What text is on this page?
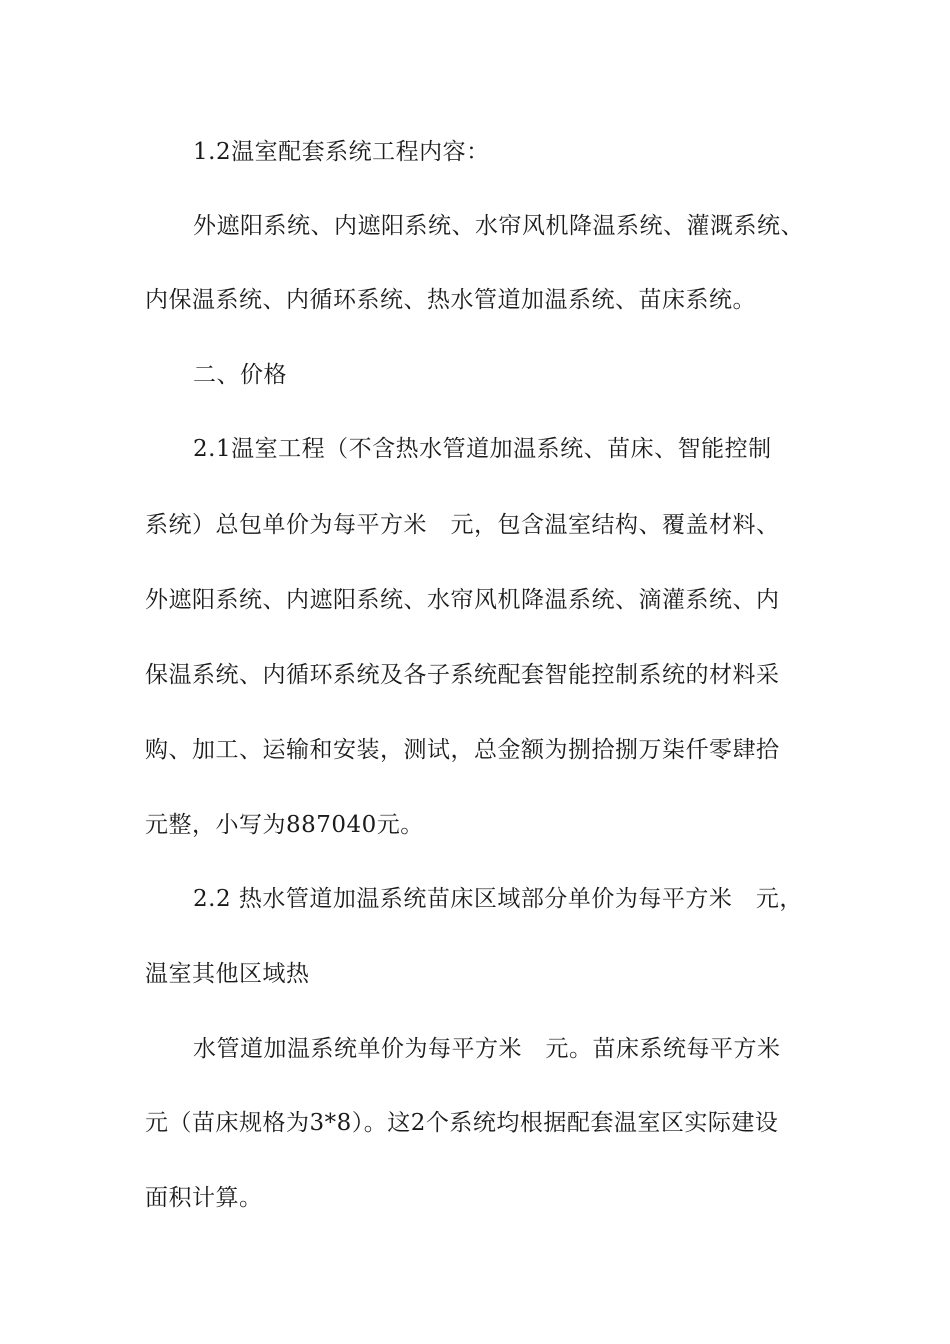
1.2温室配套系统工程内容：
外遮阳系统、内遮阳系统、水帘风机降温系统、灌溉系统、
内保温系统、内循环系统、热水管道加温系统、苗床系统。
二、价格
2.1温室工程（不含热水管道加温系统、苗床、智能控制
系统）总包单价为每平方米　元，包含温室结构、覆盖材料、
外遮阳系统、内遮阳系统、水帘风机降温系统、滴灌系统、内
保温系统、内循环系统及各子系统配套智能控制系统的材料采
购、加工、运输和安装，测试，总金额为捌拾捌万柒仟零肆拾
元整，小写为887040元。
2.2 热水管道加温系统苗床区域部分单价为每平方米　元，
温室其他区域热
水管道加温系统单价为每平方米　元。苗床系统每平方米
元（苗床规格为3*8）。这2个系统均根据配套温室区实际建设
面积计算。
